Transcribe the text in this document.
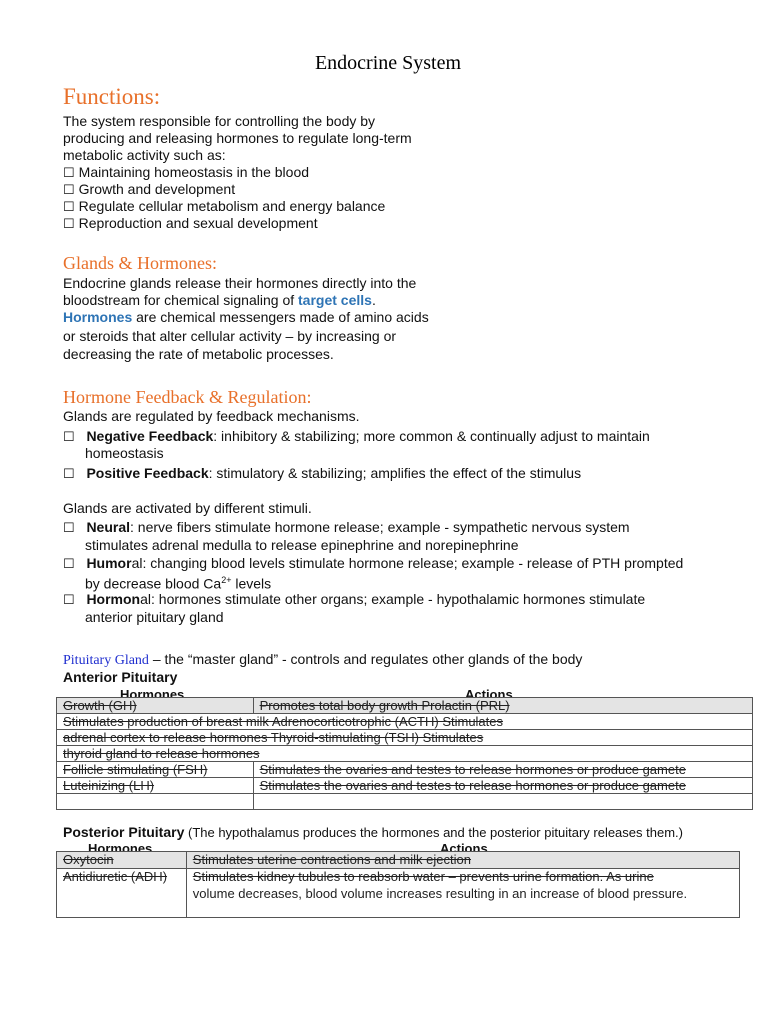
Endocrine System
Functions:
The system responsible for controlling the body by
producing and releasing hormones to regulate long-term
metabolic activity such as:
☐ Maintaining homeostasis in the blood
☐ Growth and development
☐ Regulate cellular metabolism and energy balance
☐ Reproduction and sexual development
Glands & Hormones:
Endocrine glands release their hormones directly into the
bloodstream for chemical signaling of target cells.
Hormones are chemical messengers made of amino acids
or steroids that alter cellular activity – by increasing or
decreasing the rate of metabolic processes.
Hormone Feedback & Regulation:
Glands are regulated by feedback mechanisms.
☐ Negative Feedback: inhibitory & stabilizing; more common & continually adjust to maintain
homeostasis
☐ Positive Feedback: stimulatory & stabilizing; amplifies the effect of the stimulus
Glands are activated by different stimuli.
☐ Neural: nerve fibers stimulate hormone release; example - sympathetic nervous system
stimulates adrenal medulla to release epinephrine and norepinephrine
☐ Humoral: changing blood levels stimulate hormone release; example - release of PTH prompted
by decrease blood $Ca^{2+}$ levels
☐ Hormonal: hormones stimulate other organs; example - hypothalamic hormones stimulate
anterior pituitary gland
Pituitary Gland – the “master gland” - controls and regulates other glands of the body
Anterior Pituitary
Hormones	Actions
Growth (GH)	Promotes total body growth Prolactin (PRL)
Stimulates production of breast milk Adrenocorticotrophic (ACTH) Stimulates	
adrenal cortex to release hormones Thyroid-stimulating (TSH) Stimulates	
thyroid gland to release hormones	
Follicle stimulating (FSH)	Stimulates the ovaries and testes to release hormones or produce gamete
Luteinizing (LH)	Stimulates the ovaries and testes to release hormones or produce gamete

Posterior Pituitary (The hypothalamus produces the hormones and the posterior pituitary releases them.)
Hormones	Actions
Oxytocin	Stimulates uterine contractions and milk ejection

Antidiuretic (ADH)	Stimulates kidney tubules to reabsorb water – prevents urine formation. As urine
volume decreases, blood volume increases resulting in an increase of blood pressure.
